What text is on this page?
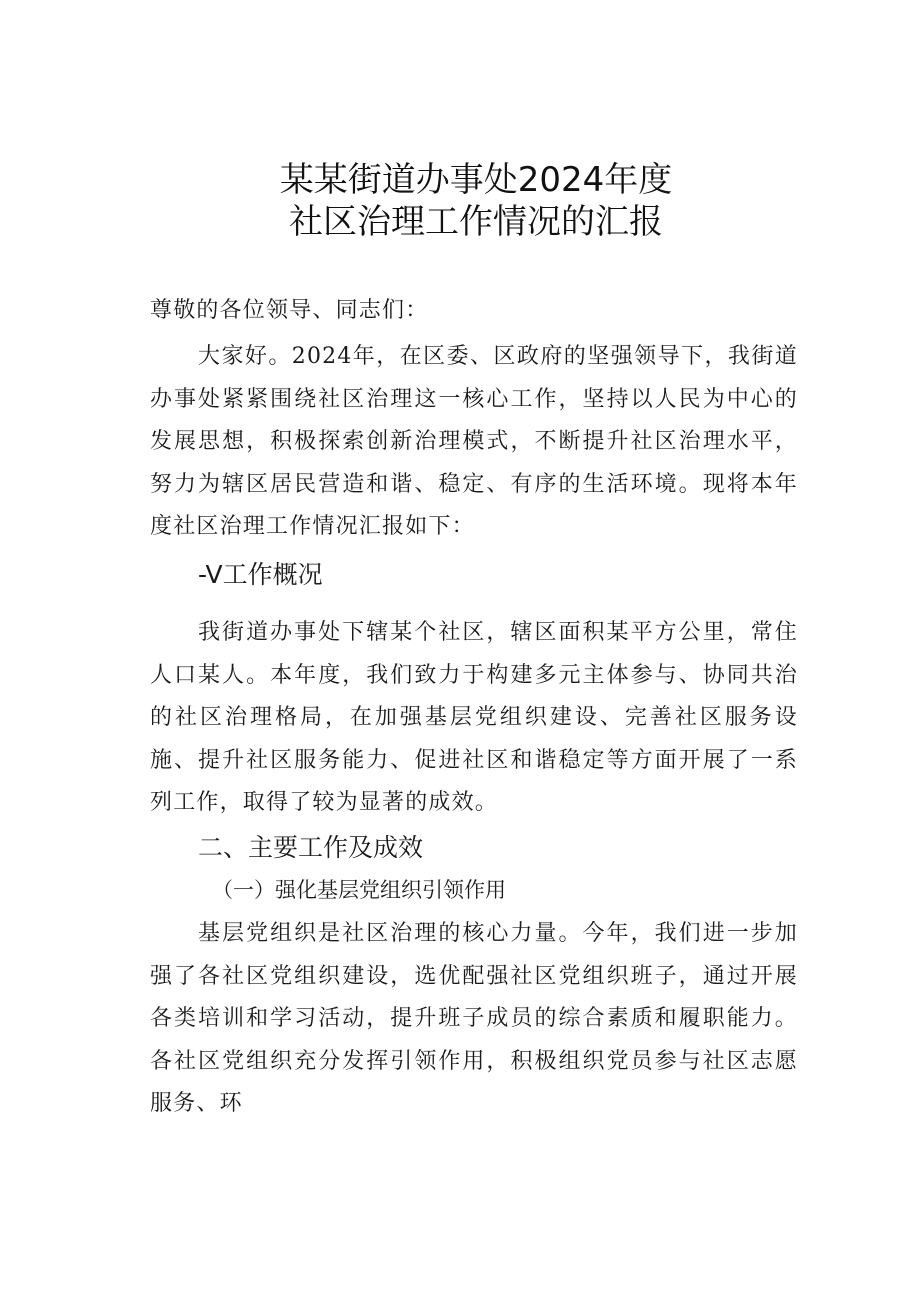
某某街道办事处2024年度
社区治理工作情况的汇报
尊敬的各位领导、同志们：
大家好。2024年，在区委、区政府的坚强领导下，我街道办事处紧紧围绕社区治理这一核心工作，坚持以人民为中心的发展思想，积极探索创新治理模式，不断提升社区治理水平，努力为辖区居民营造和谐、稳定、有序的生活环境。现将本年度社区治理工作情况汇报如下：
-V工作概况
我街道办事处下辖某个社区，辖区面积某平方公里，常住人口某人。本年度，我们致力于构建多元主体参与、协同共治的社区治理格局，在加强基层党组织建设、完善社区服务设施、提升社区服务能力、促进社区和谐稳定等方面开展了一系列工作，取得了较为显著的成效。
二、主要工作及成效
（一）强化基层党组织引领作用
基层党组织是社区治理的核心力量。今年，我们进一步加强了各社区党组织建设，选优配强社区党组织班子，通过开展各类培训和学习活动，提升班子成员的综合素质和履职能力。各社区党组织充分发挥引领作用，积极组织党员参与社区志愿服务、环
